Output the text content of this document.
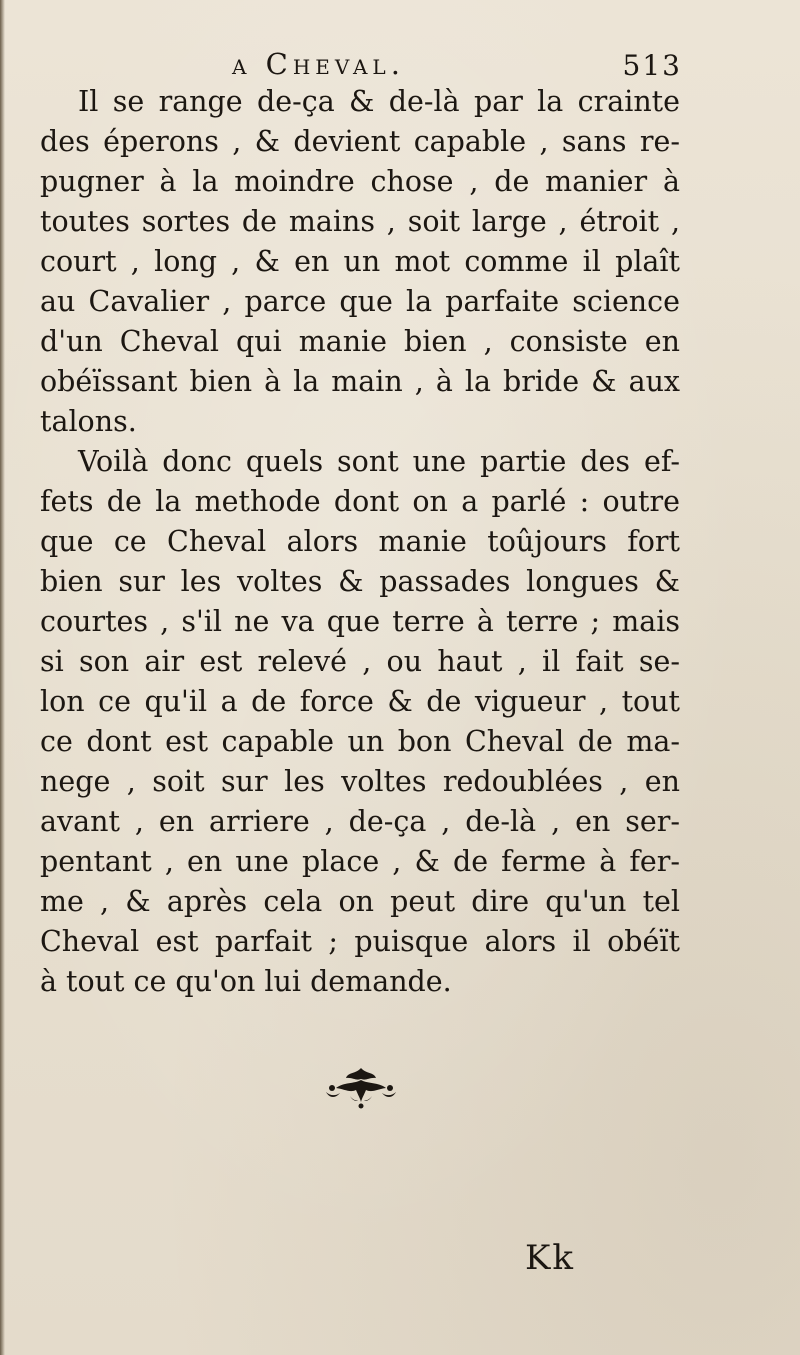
a Cheval.	513
Il se range de-ça & de-là par la crainte
des éperons , & devient capable , sans re-
pugner à la moindre chose , de manier à
toutes sortes de mains , soit large , étroit ,
court , long , & en un mot comme il plaît
au Cavalier , parce que la parfaite science
d'un Cheval qui manie bien , consiste en
obéïssant bien à la main , à la bride & aux
talons.
Voilà donc quels sont une partie des ef-
fets de la methode dont on a parlé : outre
que ce Cheval alors manie toûjours fort
bien sur les voltes & passades longues &
courtes , s'il ne va que terre à terre ; mais
si son air est relevé , ou haut , il fait se-
lon ce qu'il a de force & de vigueur , tout
ce dont est capable un bon Cheval de ma-
nege , soit sur les voltes redoublées , en
avant , en arriere , de-ça , de-là , en ser-
pentant , en une place , & de ferme à fer-
me , & après cela on peut dire qu'un tel
Cheval est parfait ; puisque alors il obéït
à tout ce qu'on lui demande.
Kk
